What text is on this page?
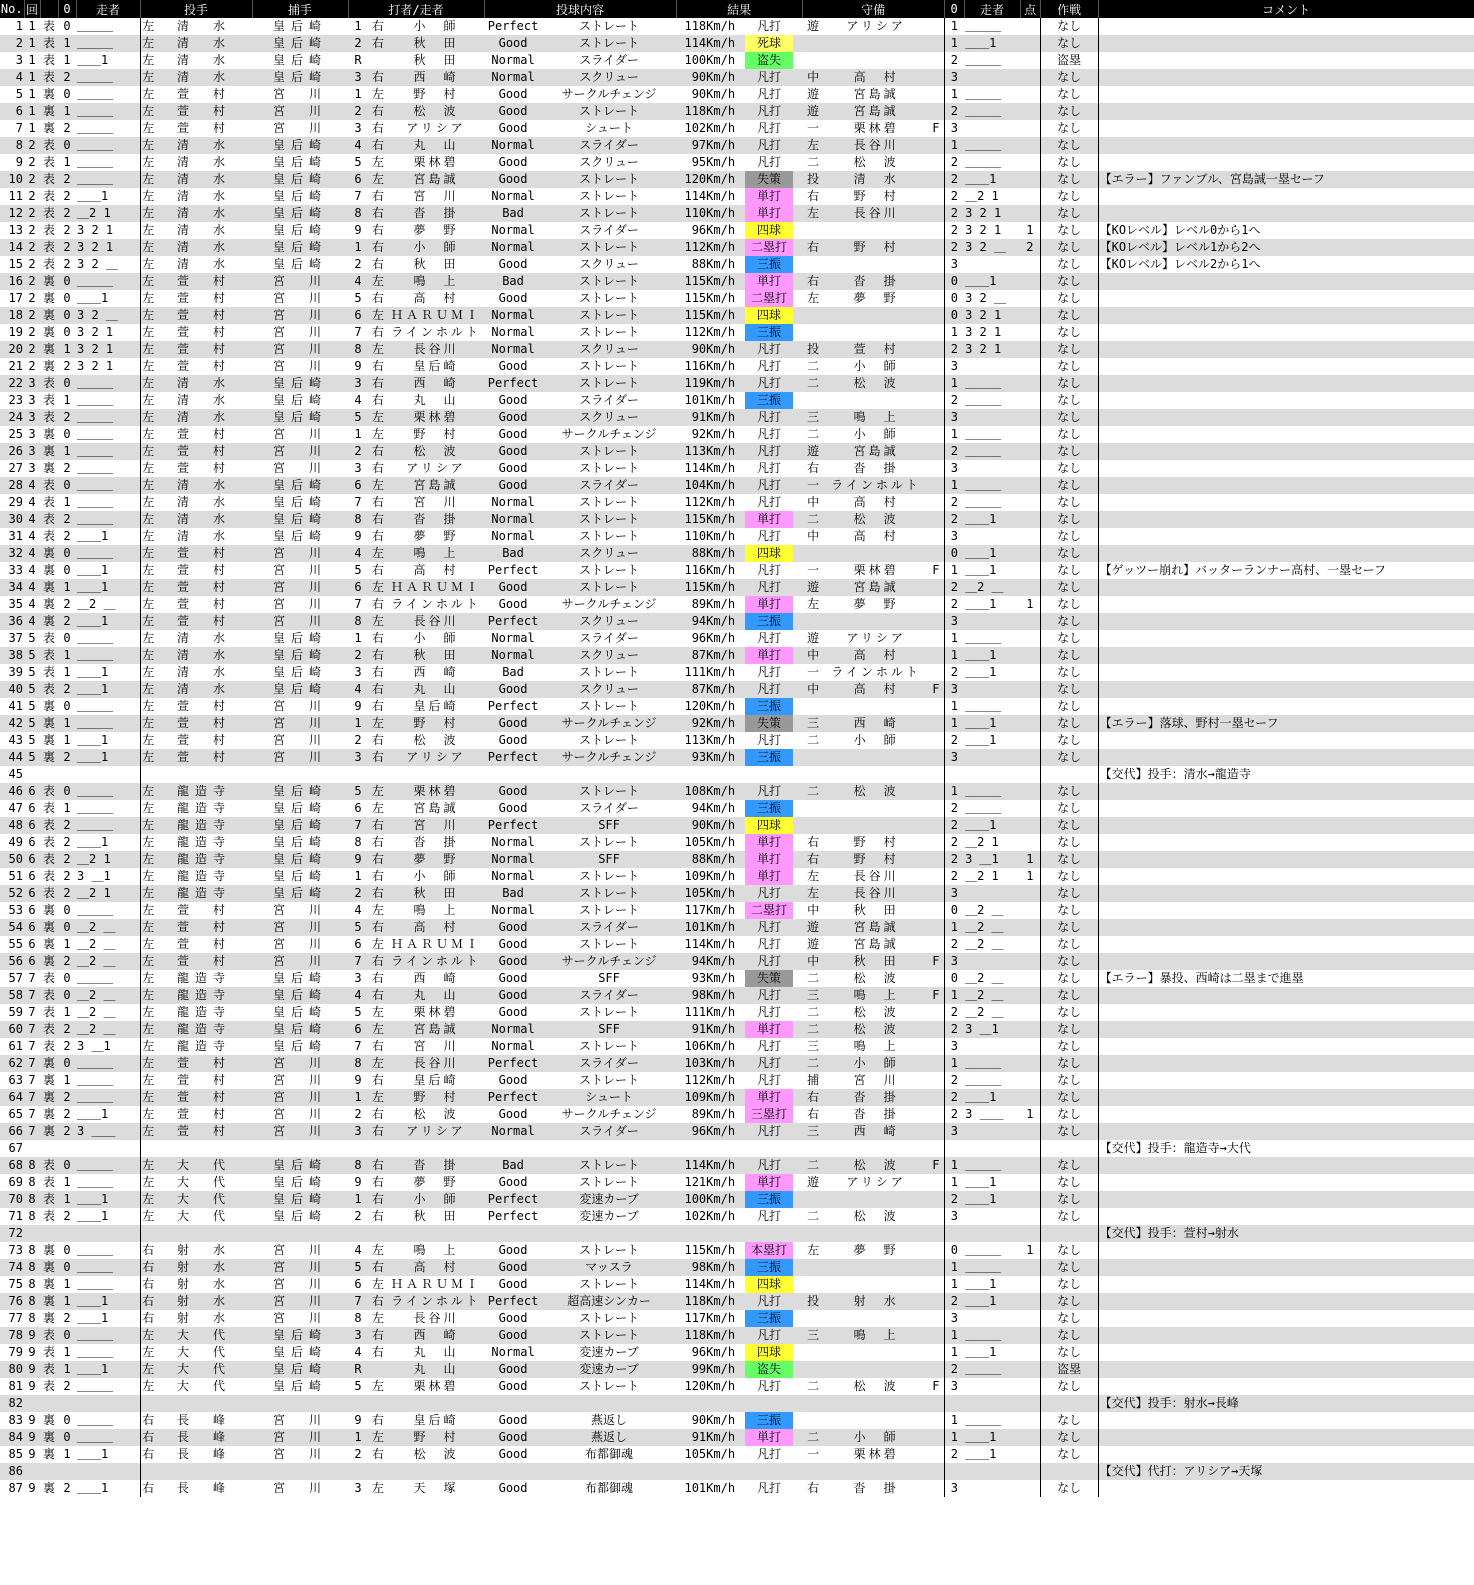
No.	回		0	走者	投手		捕手	打者/走者			投球内容		結果		守備			0	走者	点	作戦	コメント
1	1	表	0	＿＿＿	左	清　水	皇后崎	1	右	小　師	Perfect	ストレート	118Km/h	凡打	遊	アリシア		1	＿＿＿		なし	
2	1	表	1	＿＿＿	左	清　水	皇后崎	2	右	秋　田	Good	ストレート	114Km/h	死球				1	＿＿1		なし	
3	1	表	1	＿＿1	左	清　水	皇后崎	R		秋　田	Normal	スライダー	100Km/h	盗失				2	＿＿＿		盗塁	
4	1	表	2	＿＿＿	左	清　水	皇后崎	3	右	西　崎	Normal	スクリュー	90Km/h	凡打	中	高　村		3			なし	
5	1	裏	0	＿＿＿	左	萱　村	宮　川	1	左	野　村	Good	サークルチェンジ	90Km/h	凡打	遊	宮島誠		1	＿＿＿		なし	
6	1	裏	1	＿＿＿	左	萱　村	宮　川	2	右	松　波	Good	ストレート	118Km/h	凡打	遊	宮島誠		2	＿＿＿		なし	
7	1	裏	2	＿＿＿	左	萱　村	宮　川	3	右	アリシア	Good	シュート	102Km/h	凡打	一	栗林碧	F	3			なし	
8	2	表	0	＿＿＿	左	清　水	皇后崎	4	右	丸　山	Normal	スライダー	97Km/h	凡打	左	長谷川		1	＿＿＿		なし	
9	2	表	1	＿＿＿	左	清　水	皇后崎	5	左	栗林碧	Good	スクリュー	95Km/h	凡打	二	松　波		2	＿＿＿		なし	
10	2	表	2	＿＿＿	左	清　水	皇后崎	6	左	宮島誠	Good	ストレート	120Km/h	失策	投	清　水		2	＿＿1		なし	【エラー】ファンブル、宮島誠一塁セーフ
11	2	表	2	＿＿1	左	清　水	皇后崎	7	右	宮　川	Normal	ストレート	114Km/h	単打	右	野　村		2	＿2 1		なし	
12	2	表	2	＿2 1	左	清　水	皇后崎	8	右	沓　掛	Bad	ストレート	110Km/h	単打	左	長谷川		2	3 2 1		なし	
13	2	表	2	3 2 1	左	清　水	皇后崎	9	右	夢　野	Normal	スライダー	96Km/h	四球				2	3 2 1	1	なし	【KOレベル】レベル0から1へ
14	2	表	2	3 2 1	左	清　水	皇后崎	1	右	小　師	Normal	ストレート	112Km/h	二塁打	右	野　村		2	3 2 ＿	2	なし	【KOレベル】レベル1から2へ
15	2	表	2	3 2 ＿	左	清　水	皇后崎	2	右	秋　田	Good	スクリュー	88Km/h	三振				3			なし	【KOレベル】レベル2から1へ
16	2	裏	0	＿＿＿	左	萱　村	宮　川	4	左	鳴　上	Bad	ストレート	115Km/h	単打	右	沓　掛		0	＿＿1		なし	
17	2	裏	0	＿＿1	左	萱　村	宮　川	5	右	高　村	Good	ストレート	115Km/h	二塁打	左	夢　野		0	3 2 ＿		なし	
18	2	裏	0	3 2 ＿	左	萱　村	宮　川	6	左	ＨＡＲＵＭＩ	Normal	ストレート	115Km/h	四球				0	3 2 1		なし	
19	2	裏	0	3 2 1	左	萱　村	宮　川	7	右	ラインホルト	Normal	ストレート	112Km/h	三振				1	3 2 1		なし	
20	2	裏	1	3 2 1	左	萱　村	宮　川	8	左	長谷川	Normal	スクリュー	90Km/h	凡打	投	萱　村		2	3 2 1		なし	
21	2	裏	2	3 2 1	左	萱　村	宮　川	9	右	皇后崎	Good	ストレート	116Km/h	凡打	二	小　師		3			なし	
22	3	表	0	＿＿＿	左	清　水	皇后崎	3	右	西　崎	Perfect	ストレート	119Km/h	凡打	二	松　波		1	＿＿＿		なし	
23	3	表	1	＿＿＿	左	清　水	皇后崎	4	右	丸　山	Good	スライダー	101Km/h	三振				2	＿＿＿		なし	
24	3	表	2	＿＿＿	左	清　水	皇后崎	5	左	栗林碧	Good	スクリュー	91Km/h	凡打	三	鳴　上		3			なし	
25	3	裏	0	＿＿＿	左	萱　村	宮　川	1	左	野　村	Good	サークルチェンジ	92Km/h	凡打	二	小　師		1	＿＿＿		なし	
26	3	裏	1	＿＿＿	左	萱　村	宮　川	2	右	松　波	Good	ストレート	113Km/h	凡打	遊	宮島誠		2	＿＿＿		なし	
27	3	裏	2	＿＿＿	左	萱　村	宮　川	3	右	アリシア	Good	ストレート	114Km/h	凡打	右	沓　掛		3			なし	
28	4	表	0	＿＿＿	左	清　水	皇后崎	6	左	宮島誠	Good	スライダー	104Km/h	凡打	一	ラインホルト		1	＿＿＿		なし	
29	4	表	1	＿＿＿	左	清　水	皇后崎	7	右	宮　川	Normal	ストレート	112Km/h	凡打	中	高　村		2	＿＿＿		なし	
30	4	表	2	＿＿＿	左	清　水	皇后崎	8	右	沓　掛	Normal	ストレート	115Km/h	単打	二	松　波		2	＿＿1		なし	
31	4	表	2	＿＿1	左	清　水	皇后崎	9	右	夢　野	Normal	ストレート	110Km/h	凡打	中	高　村		3			なし	
32	4	裏	0	＿＿＿	左	萱　村	宮　川	4	左	鳴　上	Bad	スクリュー	88Km/h	四球				0	＿＿1		なし	
33	4	裏	0	＿＿1	左	萱　村	宮　川	5	右	高　村	Perfect	ストレート	116Km/h	凡打	一	栗林碧	F	1	＿＿1		なし	【ゲッツー崩れ】バッターランナー高村、一塁セーフ
34	4	裏	1	＿＿1	左	萱　村	宮　川	6	左	ＨＡＲＵＭＩ	Good	ストレート	115Km/h	凡打	遊	宮島誠		2	＿2 ＿		なし	
35	4	裏	2	＿2 ＿	左	萱　村	宮　川	7	右	ラインホルト	Good	サークルチェンジ	89Km/h	単打	左	夢　野		2	＿＿1	1	なし	
36	4	裏	2	＿＿1	左	萱　村	宮　川	8	左	長谷川	Perfect	スクリュー	94Km/h	三振				3			なし	
37	5	表	0	＿＿＿	左	清　水	皇后崎	1	右	小　師	Normal	スライダー	96Km/h	凡打	遊	アリシア		1	＿＿＿		なし	
38	5	表	1	＿＿＿	左	清　水	皇后崎	2	右	秋　田	Normal	スクリュー	87Km/h	単打	中	高　村		1	＿＿1		なし	
39	5	表	1	＿＿1	左	清　水	皇后崎	3	右	西　崎	Bad	ストレート	111Km/h	凡打	一	ラインホルト		2	＿＿1		なし	
40	5	表	2	＿＿1	左	清　水	皇后崎	4	右	丸　山	Good	スクリュー	87Km/h	凡打	中	高　村	F	3			なし	
41	5	裏	0	＿＿＿	左	萱　村	宮　川	9	右	皇后崎	Perfect	ストレート	120Km/h	三振				1	＿＿＿		なし	
42	5	裏	1	＿＿＿	左	萱　村	宮　川	1	左	野　村	Good	サークルチェンジ	92Km/h	失策	三	西　崎		1	＿＿1		なし	【エラー】落球、野村一塁セーフ
43	5	裏	1	＿＿1	左	萱　村	宮　川	2	右	松　波	Good	ストレート	113Km/h	凡打	二	小　師		2	＿＿1		なし	
44	5	裏	2	＿＿1	左	萱　村	宮　川	3	右	アリシア	Perfect	サークルチェンジ	93Km/h	三振				3			なし	
45																						【交代】投手：清水→龍造寺
46	6	表	0	＿＿＿	左	龍造寺	皇后崎	5	左	栗林碧	Good	ストレート	108Km/h	凡打	二	松　波		1	＿＿＿		なし	
47	6	表	1	＿＿＿	左	龍造寺	皇后崎	6	左	宮島誠	Good	スライダー	94Km/h	三振				2	＿＿＿		なし	
48	6	表	2	＿＿＿	左	龍造寺	皇后崎	7	右	宮　川	Perfect	SFF	90Km/h	四球				2	＿＿1		なし	
49	6	表	2	＿＿1	左	龍造寺	皇后崎	8	右	沓　掛	Normal	ストレート	105Km/h	単打	右	野　村		2	＿2 1		なし	
50	6	表	2	＿2 1	左	龍造寺	皇后崎	9	右	夢　野	Normal	SFF	88Km/h	単打	右	野　村		2	3 ＿1	1	なし	
51	6	表	2	3 ＿1	左	龍造寺	皇后崎	1	右	小　師	Normal	ストレート	109Km/h	単打	左	長谷川		2	＿2 1	1	なし	
52	6	表	2	＿2 1	左	龍造寺	皇后崎	2	右	秋　田	Bad	ストレート	105Km/h	凡打	左	長谷川		3			なし	
53	6	裏	0	＿＿＿	左	萱　村	宮　川	4	左	鳴　上	Normal	ストレート	117Km/h	二塁打	中	秋　田		0	＿2 ＿		なし	
54	6	裏	0	＿2 ＿	左	萱　村	宮　川	5	右	高　村	Good	スライダー	101Km/h	凡打	遊	宮島誠		1	＿2 ＿		なし	
55	6	裏	1	＿2 ＿	左	萱　村	宮　川	6	左	ＨＡＲＵＭＩ	Good	ストレート	114Km/h	凡打	遊	宮島誠		2	＿2 ＿		なし	
56	6	裏	2	＿2 ＿	左	萱　村	宮　川	7	右	ラインホルト	Good	サークルチェンジ	94Km/h	凡打	中	秋　田	F	3			なし	
57	7	表	0	＿＿＿	左	龍造寺	皇后崎	3	右	西　崎	Good	SFF	93Km/h	失策	二	松　波		0	＿2 ＿		なし	【エラー】暴投、西崎は二塁まで進塁
58	7	表	0	＿2 ＿	左	龍造寺	皇后崎	4	右	丸　山	Good	スライダー	98Km/h	凡打	三	鳴　上	F	1	＿2 ＿		なし	
59	7	表	1	＿2 ＿	左	龍造寺	皇后崎	5	左	栗林碧	Good	ストレート	111Km/h	凡打	二	松　波		2	＿2 ＿		なし	
60	7	表	2	＿2 ＿	左	龍造寺	皇后崎	6	左	宮島誠	Normal	SFF	91Km/h	単打	二	松　波		2	3 ＿1		なし	
61	7	表	2	3 ＿1	左	龍造寺	皇后崎	7	右	宮　川	Normal	ストレート	106Km/h	凡打	三	鳴　上		3			なし	
62	7	裏	0	＿＿＿	左	萱　村	宮　川	8	左	長谷川	Perfect	スライダー	103Km/h	凡打	二	小　師		1	＿＿＿		なし	
63	7	裏	1	＿＿＿	左	萱　村	宮　川	9	右	皇后崎	Good	ストレート	112Km/h	凡打	捕	宮　川		2	＿＿＿		なし	
64	7	裏	2	＿＿＿	左	萱　村	宮　川	1	左	野　村	Perfect	シュート	109Km/h	単打	右	沓　掛		2	＿＿1		なし	
65	7	裏	2	＿＿1	左	萱　村	宮　川	2	右	松　波	Good	サークルチェンジ	89Km/h	三塁打	右	沓　掛		2	3 ＿＿	1	なし	
66	7	裏	2	3 ＿＿	左	萱　村	宮　川	3	右	アリシア	Normal	スライダー	96Km/h	凡打	三	西　崎		3			なし	
67																						【交代】投手：龍造寺→大代
68	8	表	0	＿＿＿	左	大　代	皇后崎	8	右	沓　掛	Bad	ストレート	114Km/h	凡打	二	松　波	F	1	＿＿＿		なし	
69	8	表	1	＿＿＿	左	大　代	皇后崎	9	右	夢　野	Good	ストレート	121Km/h	単打	遊	アリシア		1	＿＿1		なし	
70	8	表	1	＿＿1	左	大　代	皇后崎	1	右	小　師	Perfect	変速カーブ	100Km/h	三振				2	＿＿1		なし	
71	8	表	2	＿＿1	左	大　代	皇后崎	2	右	秋　田	Perfect	変速カーブ	102Km/h	凡打	二	松　波		3			なし	
72																						【交代】投手：萱村→射水
73	8	裏	0	＿＿＿	右	射　水	宮　川	4	左	鳴　上	Good	ストレート	115Km/h	本塁打	左	夢　野		0	＿＿＿	1	なし	
74	8	裏	0	＿＿＿	右	射　水	宮　川	5	右	高　村	Good	マッスラ	98Km/h	三振				1	＿＿＿		なし	
75	8	裏	1	＿＿＿	右	射　水	宮　川	6	左	ＨＡＲＵＭＩ	Good	ストレート	114Km/h	四球				1	＿＿1		なし	
76	8	裏	1	＿＿1	右	射　水	宮　川	7	右	ラインホルト	Perfect	超高速シンカー	118Km/h	凡打	投	射　水		2	＿＿1		なし	
77	8	裏	2	＿＿1	右	射　水	宮　川	8	左	長谷川	Good	ストレート	117Km/h	三振				3			なし	
78	9	表	0	＿＿＿	左	大　代	皇后崎	3	右	西　崎	Good	ストレート	118Km/h	凡打	三	鳴　上		1	＿＿＿		なし	
79	9	表	1	＿＿＿	左	大　代	皇后崎	4	右	丸　山	Normal	変速カーブ	96Km/h	四球				1	＿＿1		なし	
80	9	表	1	＿＿1	左	大　代	皇后崎	R		丸　山	Good	変速カーブ	99Km/h	盗失				2	＿＿＿		盗塁	
81	9	表	2	＿＿＿	左	大　代	皇后崎	5	左	栗林碧	Good	ストレート	120Km/h	凡打	二	松　波	F	3			なし	
82																						【交代】投手：射水→長峰
83	9	裏	0	＿＿＿	右	長　峰	宮　川	9	右	皇后崎	Good	燕返し	90Km/h	三振				1	＿＿＿		なし	
84	9	裏	0	＿＿＿	右	長　峰	宮　川	1	左	野　村	Good	燕返し	91Km/h	単打	二	小　師		1	＿＿1		なし	
85	9	裏	1	＿＿1	右	長　峰	宮　川	2	右	松　波	Good	布都御魂	105Km/h	凡打	一	栗林碧		2	＿＿1		なし	
86																						【交代】代打：アリシア→天塚
87	9	裏	2	＿＿1	右	長　峰	宮　川	3	左	天　塚	Good	布都御魂	101Km/h	凡打	右	沓　掛		3			なし	
